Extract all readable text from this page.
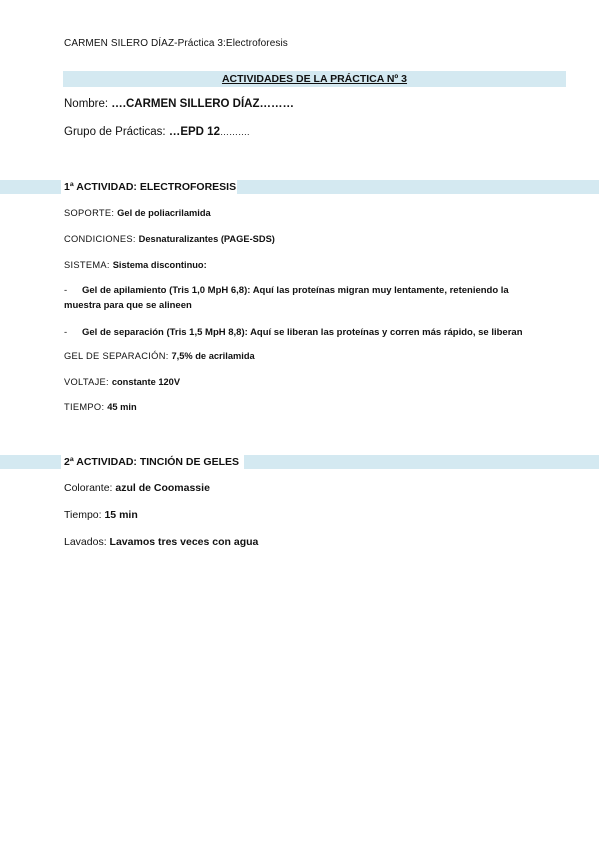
CARMEN SILERO DÍAZ-Práctica 3:Electroforesis
ACTIVIDADES DE LA PRÁCTICA Nº 3
Nombre: ….CARMEN SILLERO DÍAZ………
Grupo de Prácticas: …EPD 12……….
1ª ACTIVIDAD: ELECTROFORESIS
SOPORTE: Gel de poliacrilamida
CONDICIONES: Desnaturalizantes (PAGE-SDS)
SISTEMA: Sistema discontinuo:
- Gel de apilamiento (Tris 1,0 MpH 6,8): Aquí las proteínas migran muy lentamente, reteniendo la muestra para que se alineen
- Gel de separación (Tris 1,5 MpH 8,8): Aquí se liberan las proteínas y corren más rápido, se liberan
GEL DE SEPARACIÓN: 7,5% de acrilamida
VOLTAJE: constante 120V
TIEMPO: 45 min
2ª ACTIVIDAD: TINCIÓN DE GELES
Colorante: azul de Coomassie
Tiempo: 15 min
Lavados: Lavamos tres veces con agua
